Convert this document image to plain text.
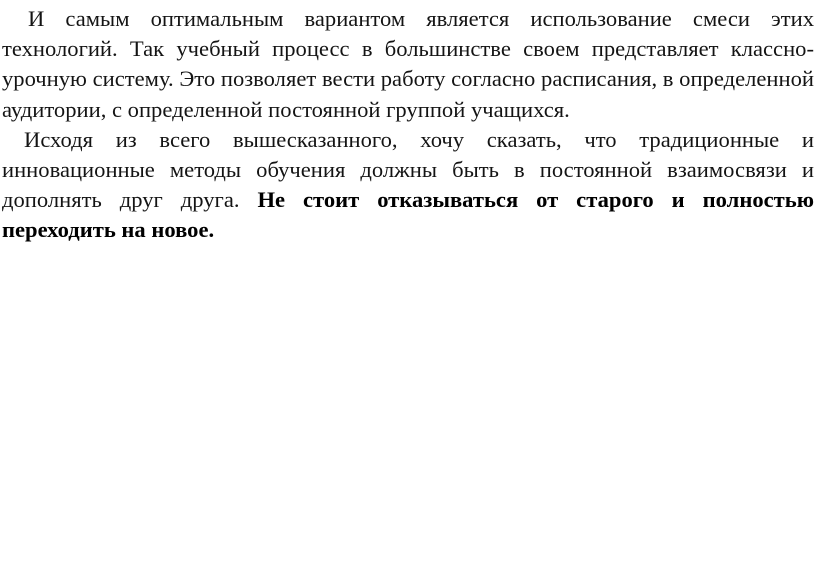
И самым оптимальным вариантом является использование смеси этих технологий. Так учебный процесс в большинстве своем представляет классно-урочную систему. Это позволяет вести работу согласно расписания, в определенной аудитории, с определенной постоянной группой учащихся.

Исходя из всего вышесказанного, хочу сказать, что традиционные и инновационные методы обучения должны быть в постоянной взаимосвязи и дополнять друг друга. Не стоит отказываться от старого и полностью переходить на новое.
